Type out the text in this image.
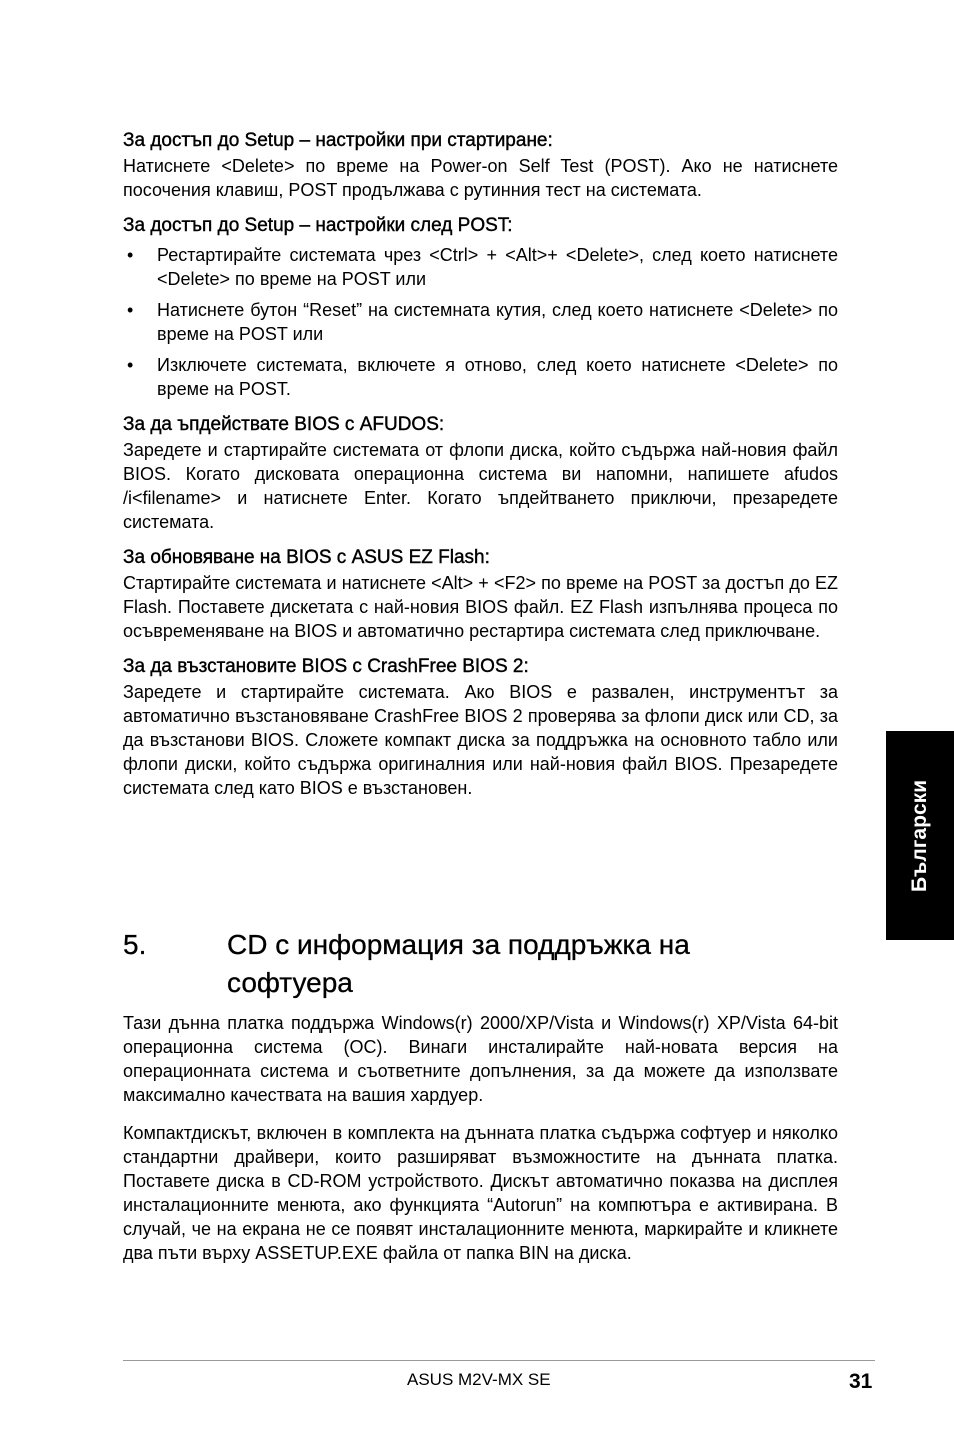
За достъп до Setup – настройки при стартиране:

Натиснете <Delete> по време на Power-on Self Test (POST). Ако не натиснете посочения клавиш, POST продължава с рутинния тест на системата.

За достъп до Setup – настройки след POST:
• Рестартирайте системата чрез <Ctrl> + <Alt>+ <Delete>, след което натиснете <Delete> по време на POST или
• Натиснете бутон “Reset” на системната кутия, след което натиснете <Delete> по време на POST или
• Изключете системата, включете я отново, след което натиснете <Delete> по време на POST.
За да ъпдействате BIOS с AFUDOS:

Заредете и стартирайте системата от флопи диска, който съдържа най-новия файл BIOS. Когато дисковата операционна система ви напомни, напишете afudos /i<filename> и натиснете Enter. Когато ъпдейтването приключи, презаредете системата.

За обновяване на BIOS с ASUS EZ Flash:

Стартирайте системата и натиснете <Alt> + <F2> по време на POST за достъп до EZ Flash. Поставете дискетата с най-новия BIOS файл. EZ Flash изпълнява процеса по осъвременяване на BIOS и автоматично рестартира системата след приключване.

За да възстановите BIOS с CrashFree BIOS 2:

Заредете и стартирайте системата. Ако BIOS е развален, инструментът за автоматично възстановяване CrashFree BIOS 2 проверява за флопи диск или CD, за да възстанови BIOS. Сложете компакт диска за поддръжка на основното табло или флопи диски, който съдържа оригиналния или най-новия файл BIOS. Презаредете системата след като BIOS е възстановен.

5.	CD с информация за поддръжка на софтуера

Тази дънна платка поддържа Windows(r) 2000/XP/Vista и Windows(r) XP/Vista 64-bit операционна система (ОС). Винаги инсталирайте най-новата версия на операционната система и съответните допълнения, за да можете да използвате максимално качествата на вашия хардуер.

Компактдискът, включен в комплекта на дънната платка съдържа софтуер и няколко стандартни драйвери, които разширяват възможностите на дънната платка. Поставете диска в CD-ROM устройството. Дискът автоматично показва на дисплея инсталационните менюта, ако функцията “Autorun” на компютъра е активирана. В случай, че на екрана не се появят инсталационните менюта, маркирайте и кликнете два пъти върху ASSETUP.EXE файла от папка BIN на диска.

Български
ASUS M2V-MX SE	31
